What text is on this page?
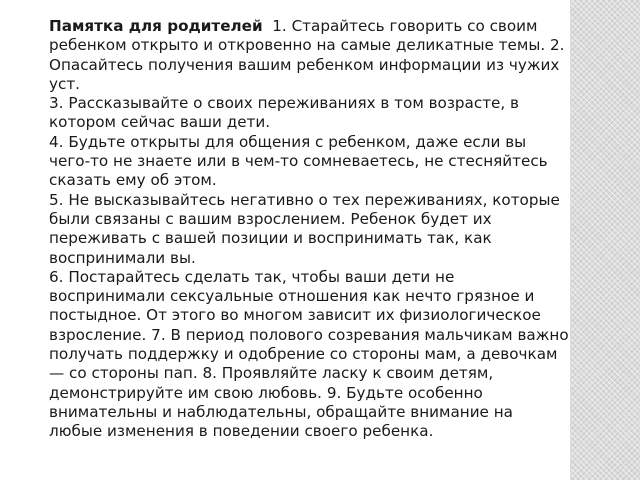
Памятка для родителей 1. Старайтесь говорить со своим ребенком открыто и откровенно на самые деликатные темы. 2. Опасайтесь получения вашим ребенком информации из чужих уст.

3. Рассказывайте о своих переживаниях в том возрасте, в котором сейчас ваши дети.

4. Будьте открыты для общения с ребенком, даже если вы чего-то не знаете или в чем-то сомневаетесь, не стесняйтесь сказать ему об этом.

5. Не высказывайтесь негативно о тех переживаниях, которые были связаны с вашим взрослением. Ребенок будет их переживать с вашей позиции и воспринимать так, как воспринимали вы.

6. Постарайтесь сделать так, чтобы ваши дети не воспринимали сексуальные отношения как нечто грязное и постыдное. От этого во многом зависит их физиологическое взросление. 7. В период полового созревания мальчикам важно получать поддержку и одобрение со стороны мам, а девочкам — со стороны пап. 8. Проявляйте ласку к своим детям, демонстрируйте им свою любовь. 9. Будьте особенно внимательны и наблюдательны, обращайте внимание на любые изменения в поведении своего ребенка.
